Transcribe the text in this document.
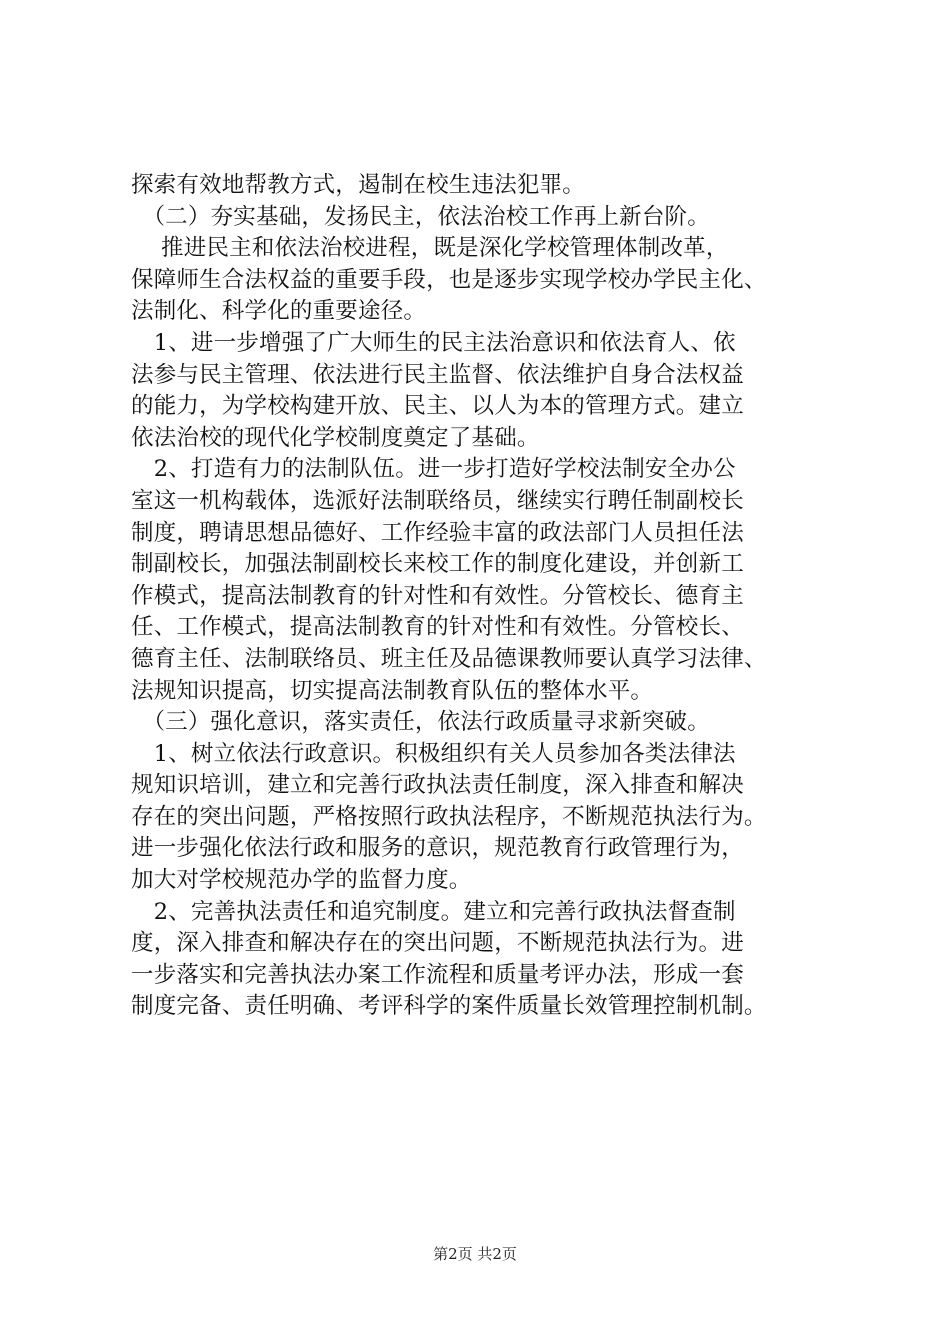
探索有效地帮教方式，遏制在校生违法犯罪。
　（二）夯实基础，发扬民主，依法治校工作再上新台阶。
　 推进民主和依法治校进程，既是深化学校管理体制改革，
保障师生合法权益的重要手段，也是逐步实现学校办学民主化、
法制化、科学化的重要途径。
　1、进一步增强了广大师生的民主法治意识和依法育人、依
法参与民主管理、依法进行民主监督、依法维护自身合法权益
的能力，为学校构建开放、民主、以人为本的管理方式。建立
依法治校的现代化学校制度奠定了基础。
　2、打造有力的法制队伍。进一步打造好学校法制安全办公
室这一机构载体，选派好法制联络员，继续实行聘任制副校长
制度，聘请思想品德好、工作经验丰富的政法部门人员担任法
制副校长，加强法制副校长来校工作的制度化建设，并创新工
作模式，提高法制教育的针对性和有效性。分管校长、德育主
任、工作模式，提高法制教育的针对性和有效性。分管校长、
德育主任、法制联络员、班主任及品德课教师要认真学习法律、
法规知识提高，切实提高法制教育队伍的整体水平。
　（三）强化意识，落实责任，依法行政质量寻求新突破。
　1、树立依法行政意识。积极组织有关人员参加各类法律法
规知识培训，建立和完善行政执法责任制度，深入排查和解决
存在的突出问题，严格按照行政执法程序，不断规范执法行为。
进一步强化依法行政和服务的意识，规范教育行政管理行为，
加大对学校规范办学的监督力度。
　2、完善执法责任和追究制度。建立和完善行政执法督查制
度，深入排查和解决存在的突出问题，不断规范执法行为。进
一步落实和完善执法办案工作流程和质量考评办法，形成一套
制度完备、责任明确、考评科学的案件质量长效管理控制机制。
第2页 共2页
